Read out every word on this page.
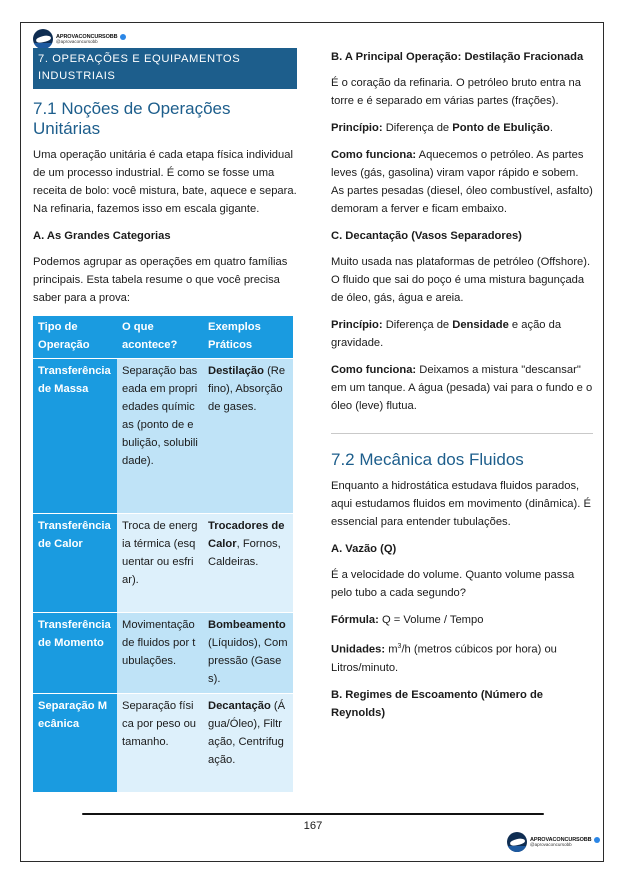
APROVACONCURSOBB
@aprovaconcursobb
7. OPERAÇÕES E EQUIPAMENTOS INDUSTRIAIS
7.1 Noções de Operações Unitárias

Uma operação unitária é cada etapa física individual de um processo industrial. É como se fosse uma receita de bolo: você mistura, bate, aquece e separa. Na refinaria, fazemos isso em escala gigante.

A. As Grandes Categorias

Podemos agrupar as operações em quatro famílias principais. Esta tabela resume o que você precisa saber para a prova:

Tipo de Operação	O que acontece?	Exemplos Práticos
Transferência de Massa	Separação baseada em propriedades químicas (ponto de ebulição, solubilidade).	Destilação (Refino), Absorção de gases.
Transferência de Calor	Troca de energia térmica (esquentar ou esfriar).	Trocadores de Calor, Fornos, Caldeiras.
Transferência de Momento	Movimentação de fluidos por tubulações.	Bombeamento (Líquidos), Compressão (Gases).
Separação Mecânica	Separação física por peso ou tamanho.	Decantação (Água/Óleo), Filtração, Centrifugação.

B. A Principal Operação: Destilação Fracionada

É o coração da refinaria. O petróleo bruto entra na torre e é separado em várias partes (frações).

Princípio: Diferença de Ponto de Ebulição.

Como funciona: Aquecemos o petróleo. As partes leves (gás, gasolina) viram vapor rápido e sobem. As partes pesadas (diesel, óleo combustível, asfalto) demoram a ferver e ficam embaixo.

C. Decantação (Vasos Separadores)

Muito usada nas plataformas de petróleo (Offshore). O fluido que sai do poço é uma mistura bagunçada de óleo, gás, água e areia.

Princípio: Diferença de Densidade e ação da gravidade.

Como funciona: Deixamos a mistura "descansar" em um tanque. A água (pesada) vai para o fundo e o óleo (leve) flutua.

7.2 Mecânica dos Fluidos

Enquanto a hidrostática estudava fluidos parados, aqui estudamos fluidos em movimento (dinâmica). É essencial para entender tubulações.

A. Vazão (Q)

É a velocidade do volume. Quanto volume passa pelo tubo a cada segundo?

Fórmula: Q = Volume / Tempo

Unidades: $m^3/h$ (metros cúbicos por hora) ou Litros/minuto.

B. Regimes de Escoamento (Número de Reynolds)

167
APROVACONCURSOBB
@aprovaconcursobb
